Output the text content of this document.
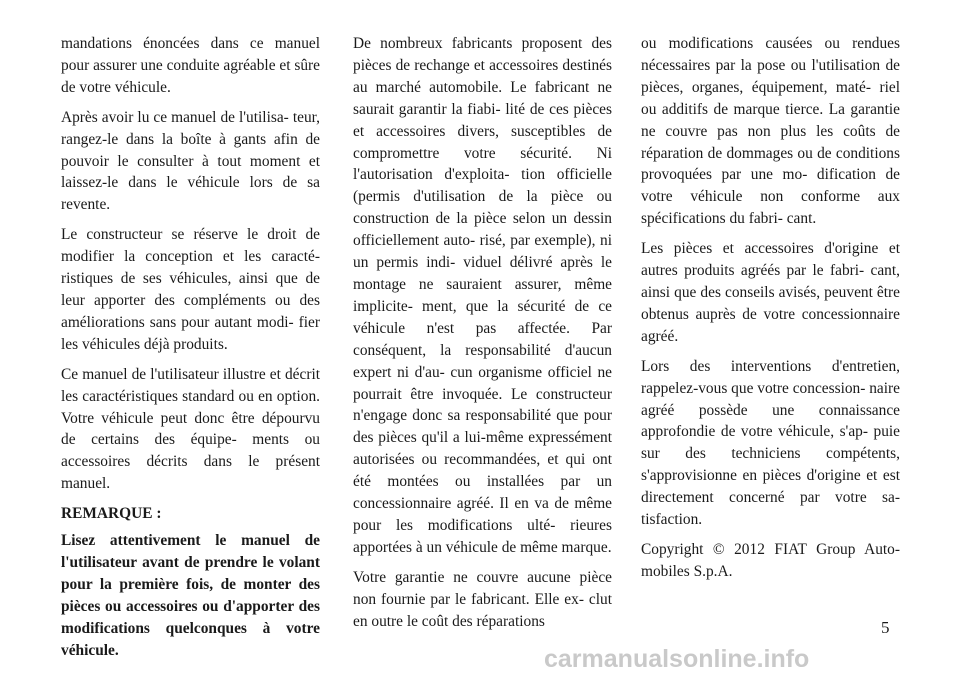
mandations énoncées dans ce manuel pour assurer une conduite agréable et sûre de votre véhicule.

Après avoir lu ce manuel de l'utilisa- teur, rangez-le dans la boîte à gants afin de pouvoir le consulter à tout moment et laissez-le dans le véhicule lors de sa revente.

Le constructeur se réserve le droit de modifier la conception et les caracté- ristiques de ses véhicules, ainsi que de leur apporter des compléments ou des améliorations sans pour autant modi- fier les véhicules déjà produits.

Ce manuel de l'utilisateur illustre et décrit les caractéristiques standard ou en option. Votre véhicule peut donc être dépourvu de certains des équipe- ments ou accessoires décrits dans le présent manuel.

REMARQUE :

Lisez attentivement le manuel de l'utilisateur avant de prendre le volant pour la première fois, de monter des pièces ou accessoires ou d'apporter des modifications quelconques à votre véhicule.

De nombreux fabricants proposent des pièces de rechange et accessoires destinés au marché automobile. Le fabricant ne saurait garantir la fiabi- lité de ces pièces et accessoires divers, susceptibles de compromettre votre sécurité. Ni l'autorisation d'exploita- tion officielle (permis d'utilisation de la pièce ou construction de la pièce selon un dessin officiellement auto- risé, par exemple), ni un permis indi- viduel délivré après le montage ne sauraient assurer, même implicite- ment, que la sécurité de ce véhicule n'est pas affectée. Par conséquent, la responsabilité d'aucun expert ni d'au- cun organisme officiel ne pourrait être invoquée. Le constructeur n'engage donc sa responsabilité que pour des pièces qu'il a lui-même expressément autorisées ou recommandées, et qui ont été montées ou installées par un concessionnaire agréé. Il en va de même pour les modifications ulté- rieures apportées à un véhicule de même marque.

Votre garantie ne couvre aucune pièce non fournie par le fabricant. Elle ex- clut en outre le coût des réparations

ou modifications causées ou rendues nécessaires par la pose ou l'utilisation de pièces, organes, équipement, maté- riel ou additifs de marque tierce. La garantie ne couvre pas non plus les coûts de réparation de dommages ou de conditions provoquées par une mo- dification de votre véhicule non conforme aux spécifications du fabri- cant.

Les pièces et accessoires d'origine et autres produits agréés par le fabri- cant, ainsi que des conseils avisés, peuvent être obtenus auprès de votre concessionnaire agréé.

Lors des interventions d'entretien, rappelez-vous que votre concession- naire agréé possède une connaissance approfondie de votre véhicule, s'ap- puie sur des techniciens compétents, s'approvisionne en pièces d'origine et est directement concerné par votre sa- tisfaction.

Copyright © 2012 FIAT Group Auto- mobiles S.p.A.

5
carmanualsonline.info
